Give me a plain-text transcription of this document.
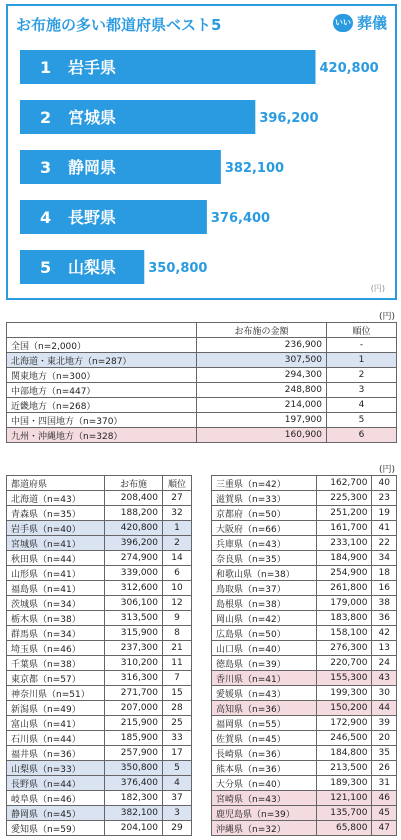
お布施の多い都道府県ベスト5	いい 葬儀
1 岩手県	420,800
2 宮城県	396,200
3 静岡県	382,100
4 長野県	376,400
5 山梨県 350,800
(円)
(円)
	お布施の金額	順位
全国（n=2,000）	236,900	-
北海道・東北地方（n=287）	307,500	1
関東地方（n=300）	294,300	2
中部地方（n=447）	248,800	3
近畿地方（n=268）	214,000	4
中国・四国地方（n=370）	197,900	5
九州・沖縄地方（n=328）	160,900	6
(円)
都道府県	お布施	順位
北海道（n=43）	208,400	27
青森県（n=35）	188,200	32
岩手県（n=40）	420,800	1
宮城県（n=41）	396,200	2
秋田県（n=44）	274,900	14
山形県（n=41）	339,000	6
福島県（n=41）	312,600	10
茨城県（n=34）	306,100	12
栃木県（n=38）	313,500	9
群馬県（n=34）	315,900	8
埼玉県（n=46）	237,300	21
千葉県（n=38）	310,200	11
東京都（n=57）	316,300	7
神奈川県（n=51）	271,700	15
新潟県（n=49）	207,000	28
富山県（n=41）	215,900	25
石川県（n=44）	185,900	33
福井県（n=36）	257,900	17
山梨県（n=33）	350,800	5
長野県（n=44）	376,400	4
岐阜県（n=46）	182,300	37
静岡県（n=45）	382,100	3
愛知県（n=59）	204,100	29
三重県（n=42）	162,700	40
滋賀県（n=33）	225,300	23
京都府（n=50）	251,200	19
大阪府（n=66）	161,700	41
兵庫県（n=43）	233,100	22
奈良県（n=35）	184,900	34
和歌山県（n=38）	254,900	18
鳥取県（n=37）	261,800	16
島根県（n=38）	179,000	38
岡山県（n=42）	183,800	36
広島県（n=50）	158,100	42
山口県（n=40）	276,300	13
徳島県（n=39）	220,700	24
香川県（n=41）	155,300	43
愛媛県（n=43）	199,300	30
高知県（n=36）	150,200	44
福岡県（n=55）	172,900	39
佐賀県（n=45）	246,500	20
長崎県（n=36）	184,800	35
熊本県（n=36）	213,500	26
大分県（n=40）	189,300	31
宮崎県（n=43）	121,100	46
鹿児島県（n=39）	135,700	45
沖縄県（n=32）	65,800	47
